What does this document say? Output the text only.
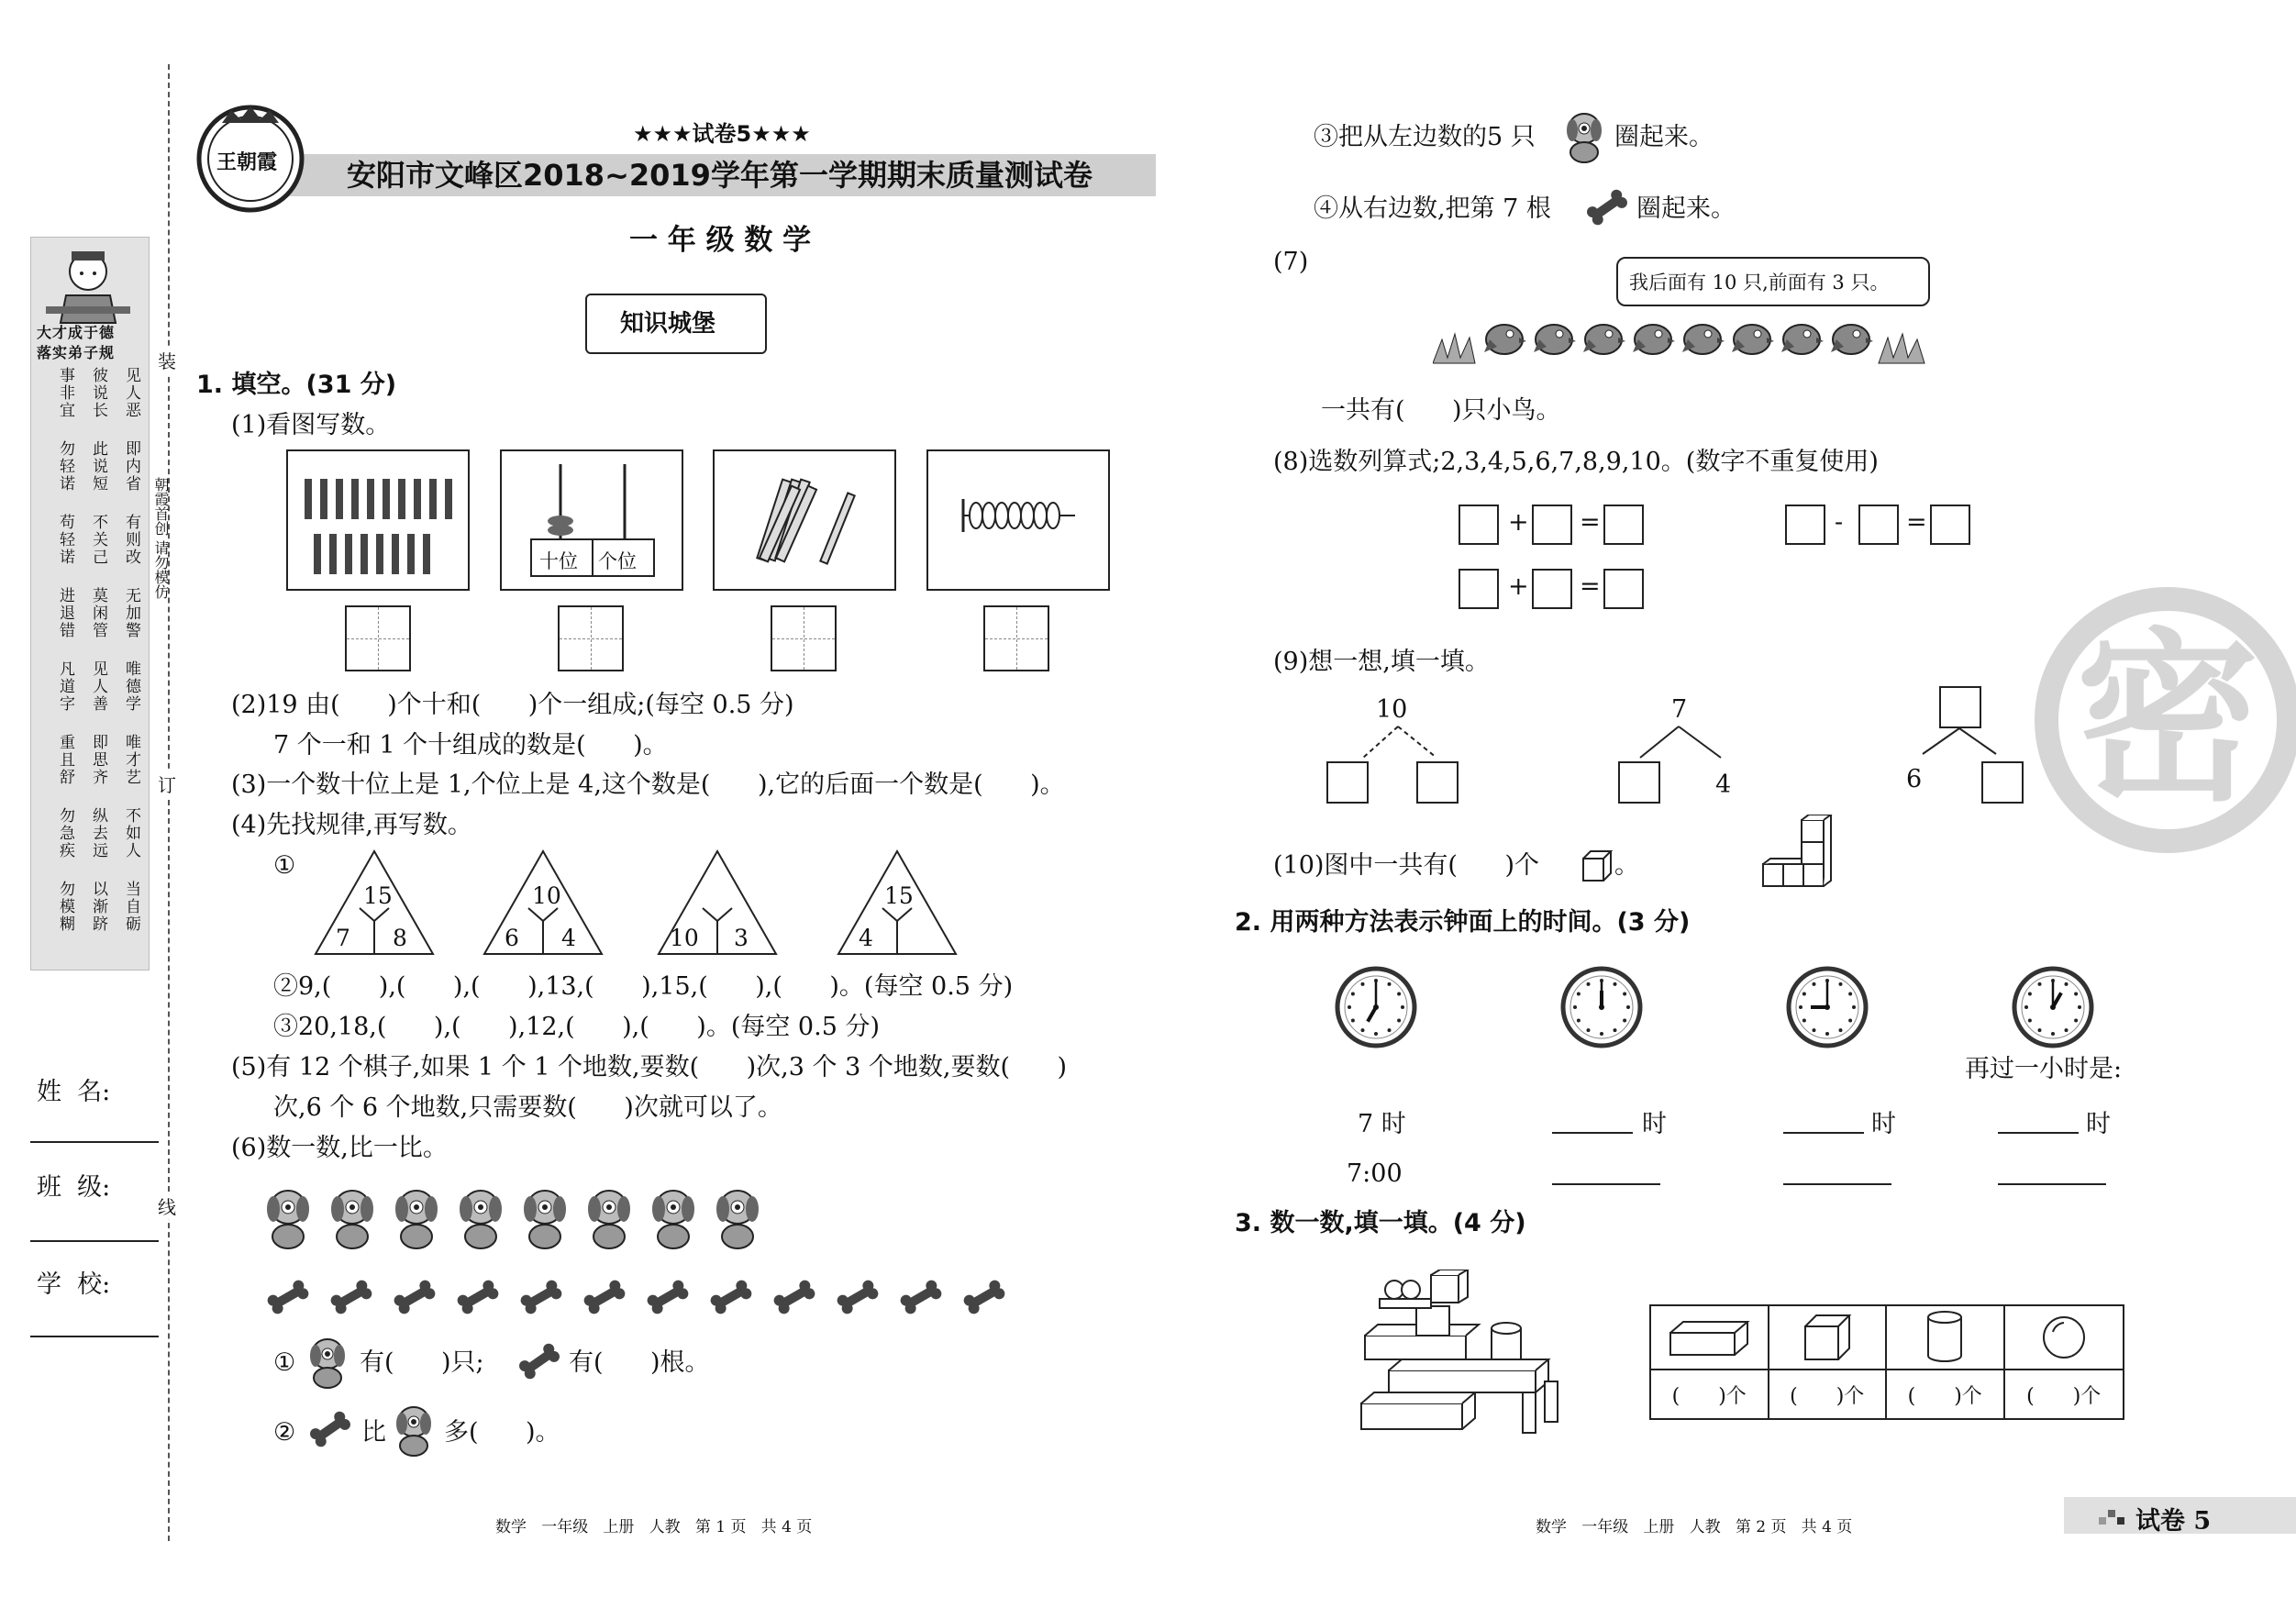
装
订
线
朝霞首创 请勿模仿
大才成于德
落实弟子规
事非宜 彼说长 见人恶
勿轻诺 此说短 即内省
苟轻诺 不关己 有则改
进退错 莫闲管 无加警
凡道字 见人善 唯德学
重且舒 即思齐 唯才艺
勿急疾 纵去远 不如人
勿模糊 以渐跻 当自砺
姓  名:
班  级:
学  校:
王朝霞
★★★试卷5★★★
安阳市文峰区2018~2019学年第一学期期末质量测试卷
一 年 级 数 学
知识城堡
1. 填空。(31 分)
(1)看图写数。
十位 个位
(2)19 由(      )个十和(      )个一组成;(每空 0.5 分)
7 个一和 1 个十组成的数是(      )。
(3)一个数十位上是 1,个位上是 4,这个数是(      ),它的后面一个数是(      )。
(4)先找规律,再写数。
①
15
7 8
10
6 4	10 3
15
4
②9,(      ),(      ),(      ),13,(      ),15,(      ),(      )。(每空 0.5 分)
③20,18,(      ),(      ),12,(      ),(      )。(每空 0.5 分)
(5)有 12 个棋子,如果 1 个 1 个地数,要数(      )次,3 个 3 个地数,要数(      )
次,6 个 6 个地数,只需要数(      )次就可以了。
(6)数一数,比一比。
①	有(      )只;	有(      )根。
②	比 多(      )。
数学   一年级   上册   人教   第 1 页   共 4 页
③把从左边数的5 只	圈起来。
④从右边数,把第 7 根	圈起来。
(7)
我后面有 10 只,前面有 3 只。
一共有(      )只小鸟。
(8)选数列算式;2,3,4,5,6,7,8,9,10。(数字不重复使用)
+ =	-	=
+ =
(9)想一想,填一填。
10	7
4	6
(10)图中一共有(      )个	。
2. 用两种方法表示钟面上的时间。(3 分)
再过一小时是:
7 时	时	时	时
7:00
3. 数一数,填一填。(4 分)
(      )个	(      )个	(      )个	(      )个
密
数学   一年级   上册   人教   第 2 页   共 4 页	试卷 5
